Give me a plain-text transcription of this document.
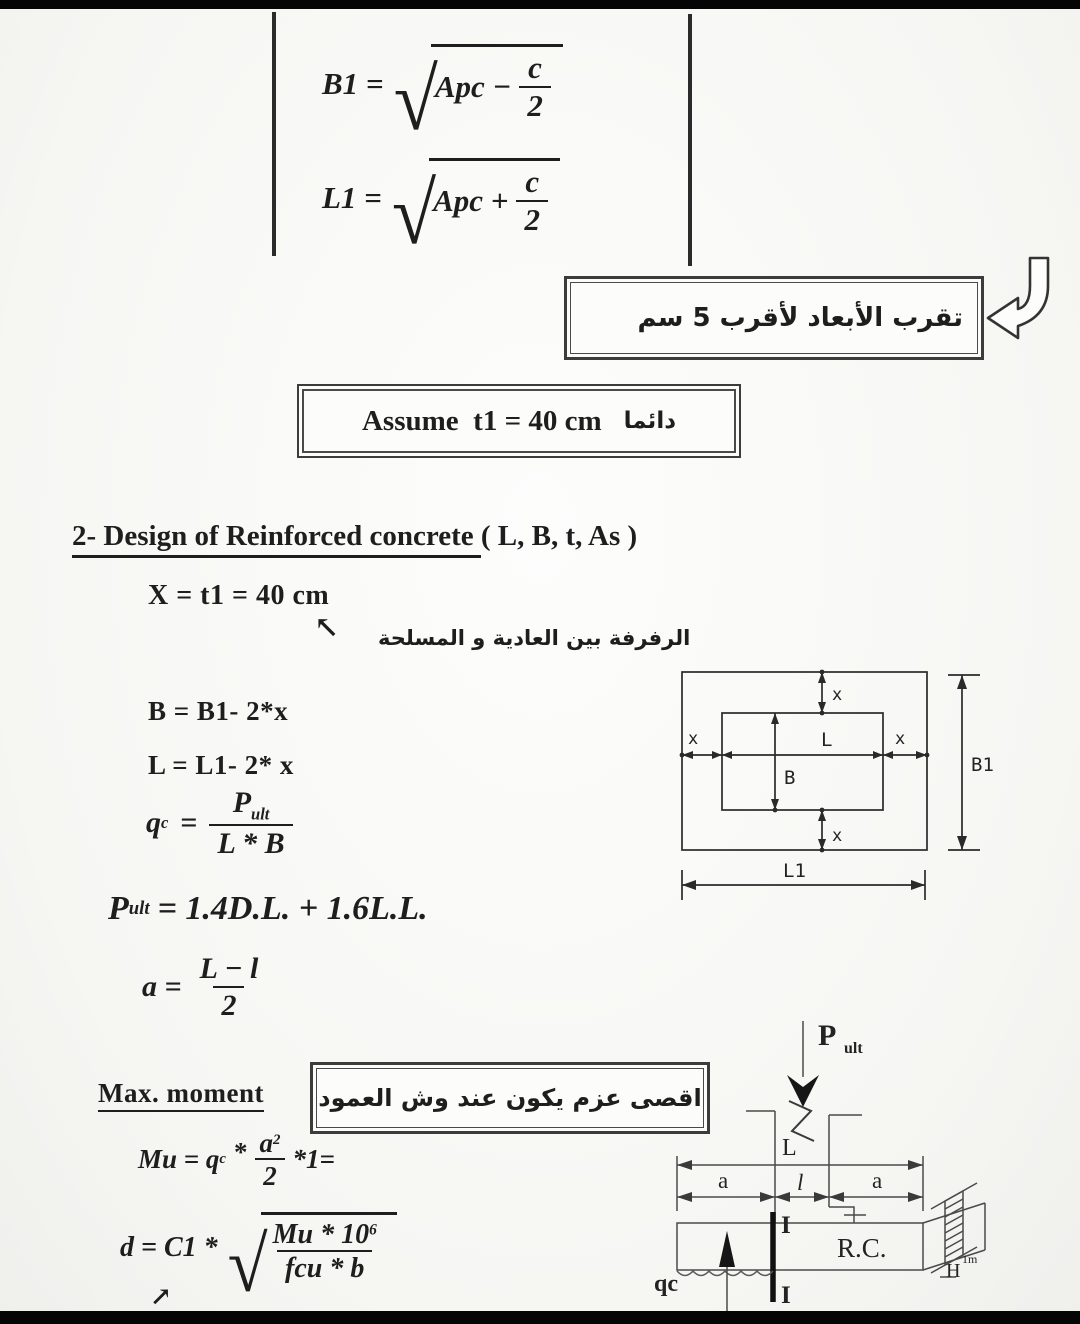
B1 = √
Apc − $\frac{c}{2}$
L1 = √
Apc + $\frac{c}{2}$
تقرب الأبعاد لأقرب 5 سم
Assume  t1 = 40 cm دائما
2- Design of Reinforced concrete ( L, B, t, As )
X = t1 = 40 cm
↖ الرفرفة بين العادية و المسلحة
B = B1- 2*x
L = L1- 2* x
q $c = \frac{P_{ult}}{L * B}$
P ult = 1.4D.L. + 1.6L.L.
$a = \frac{L - l}{2}$
Max. moment اقصى عزم يكون عند وش العمود
Mu = q $c * \frac{a^2}{2} *1=$
d = C1 * √
$\frac{Mu * 10^6}{\text{fcu * b}}$
↗
x
x
x	x
L
B
B1
L1
L
a	l	a
H
1m
I
I
R.C.
qc
P ult
